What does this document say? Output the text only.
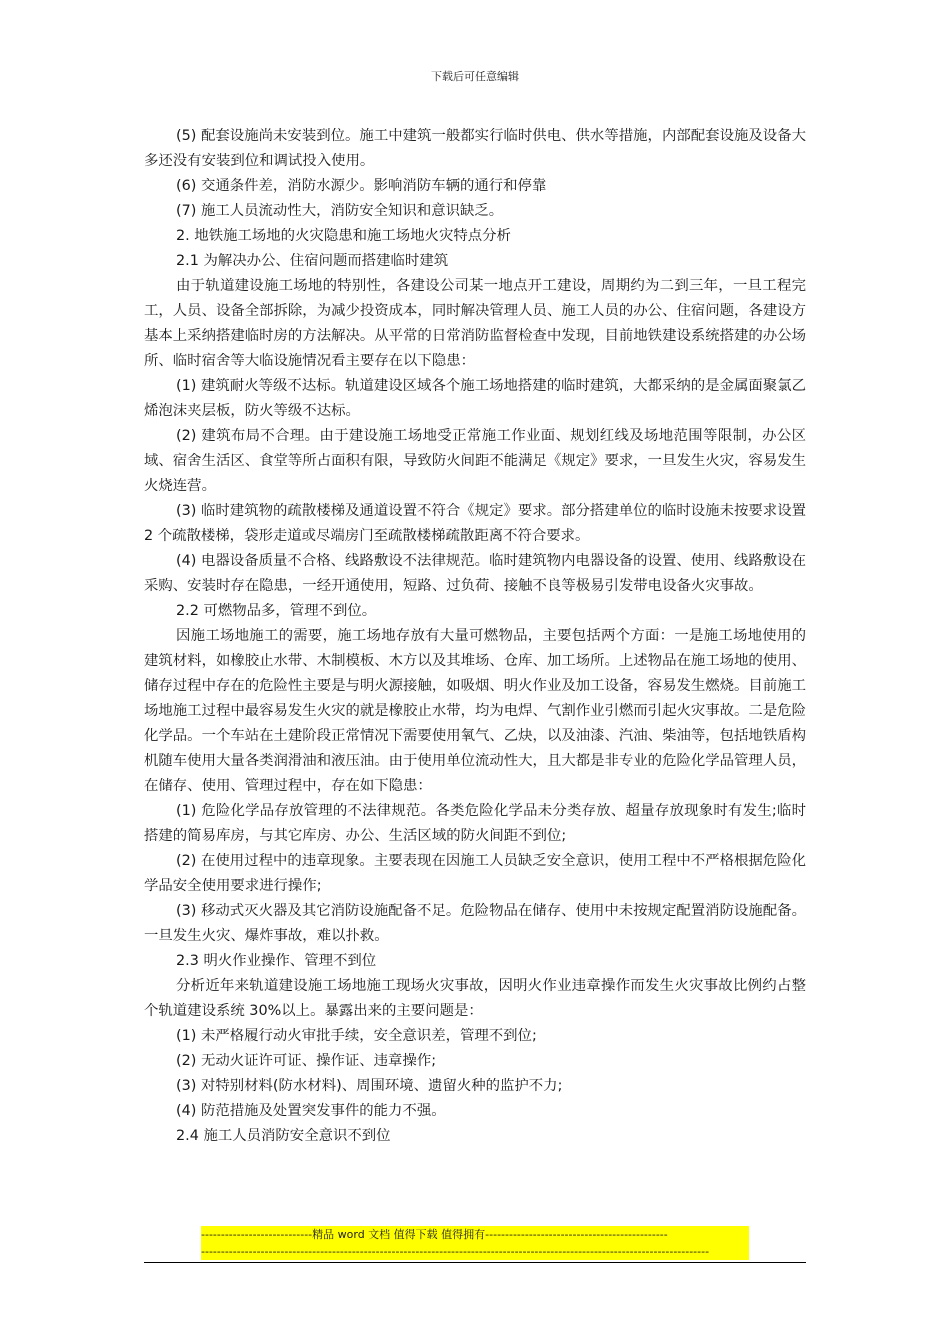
下载后可任意编辑

(5) 配套设施尚未安装到位。施工中建筑一般都实行临时供电、供水等措施，内部配套设施及设备大多还没有安装到位和调试投入使用。

(6) 交通条件差，消防水源少。影响消防车辆的通行和停靠

(7) 施工人员流动性大，消防安全知识和意识缺乏。

2. 地铁施工场地的火灾隐患和施工场地火灾特点分析

2.1 为解决办公、住宿问题而搭建临时建筑

由于轨道建设施工场地的特别性，各建设公司某一地点开工建设，周期约为二到三年，一旦工程完工，人员、设备全部拆除，为减少投资成本，同时解决管理人员、施工人员的办公、住宿问题，各建设方基本上采纳搭建临时房的方法解决。从平常的日常消防监督检查中发现，目前地铁建设系统搭建的办公场所、临时宿舍等大临设施情况看主要存在以下隐患：

(1) 建筑耐火等级不达标。轨道建设区域各个施工场地搭建的临时建筑，大都采纳的是金属面聚氯乙烯泡沫夹层板，防火等级不达标。

(2) 建筑布局不合理。由于建设施工场地受正常施工作业面、规划红线及场地范围等限制，办公区域、宿舍生活区、食堂等所占面积有限，导致防火间距不能满足《规定》要求，一旦发生火灾，容易发生火烧连营。

(3) 临时建筑物的疏散楼梯及通道设置不符合《规定》要求。部分搭建单位的临时设施未按要求设置 2 个疏散楼梯，袋形走道或尽端房门至疏散楼梯疏散距离不符合要求。

(4) 电器设备质量不合格、线路敷设不法律规范。临时建筑物内电器设备的设置、使用、线路敷设在采购、安装时存在隐患，一经开通使用，短路、过负荷、接触不良等极易引发带电设备火灾事故。

2.2 可燃物品多，管理不到位。

因施工场地施工的需要，施工场地存放有大量可燃物品，主要包括两个方面：一是施工场地使用的建筑材料，如橡胶止水带、木制模板、木方以及其堆场、仓库、加工场所。上述物品在施工场地的使用、储存过程中存在的危险性主要是与明火源接触，如吸烟、明火作业及加工设备，容易发生燃烧。目前施工场地施工过程中最容易发生火灾的就是橡胶止水带，均为电焊、气割作业引燃而引起火灾事故。二是危险化学品。一个车站在土建阶段正常情况下需要使用氧气、乙炔，以及油漆、汽油、柴油等，包括地铁盾构机随车使用大量各类润滑油和液压油。由于使用单位流动性大，且大都是非专业的危险化学品管理人员，在储存、使用、管理过程中，存在如下隐患：

(1) 危险化学品存放管理的不法律规范。各类危险化学品未分类存放、超量存放现象时有发生;临时搭建的简易库房，与其它库房、办公、生活区域的防火间距不到位;

(2) 在使用过程中的违章现象。主要表现在因施工人员缺乏安全意识，使用工程中不严格根据危险化学品安全使用要求进行操作;

(3) 移动式灭火器及其它消防设施配备不足。危险物品在储存、使用中未按规定配置消防设施配备。一旦发生火灾、爆炸事故，难以扑救。

2.3 明火作业操作、管理不到位

分析近年来轨道建设施工场地施工现场火灾事故，因明火作业违章操作而发生火灾事故比例约占整个轨道建设系统 30%以上。暴露出来的主要问题是：

(1) 未严格履行动火审批手续，安全意识差，管理不到位;

(2) 无动火证许可证、操作证、违章操作;

(3) 对特别材料(防水材料)、周围环境、遗留火种的监护不力;

(4) 防范措施及处置突发事件的能力不强。

2.4 施工人员消防安全意识不到位

----------------------------精品 word 文档 值得下载 值得拥有----------------------------------------------
--------------------------------------------------------------------------------------------------------------------------------
